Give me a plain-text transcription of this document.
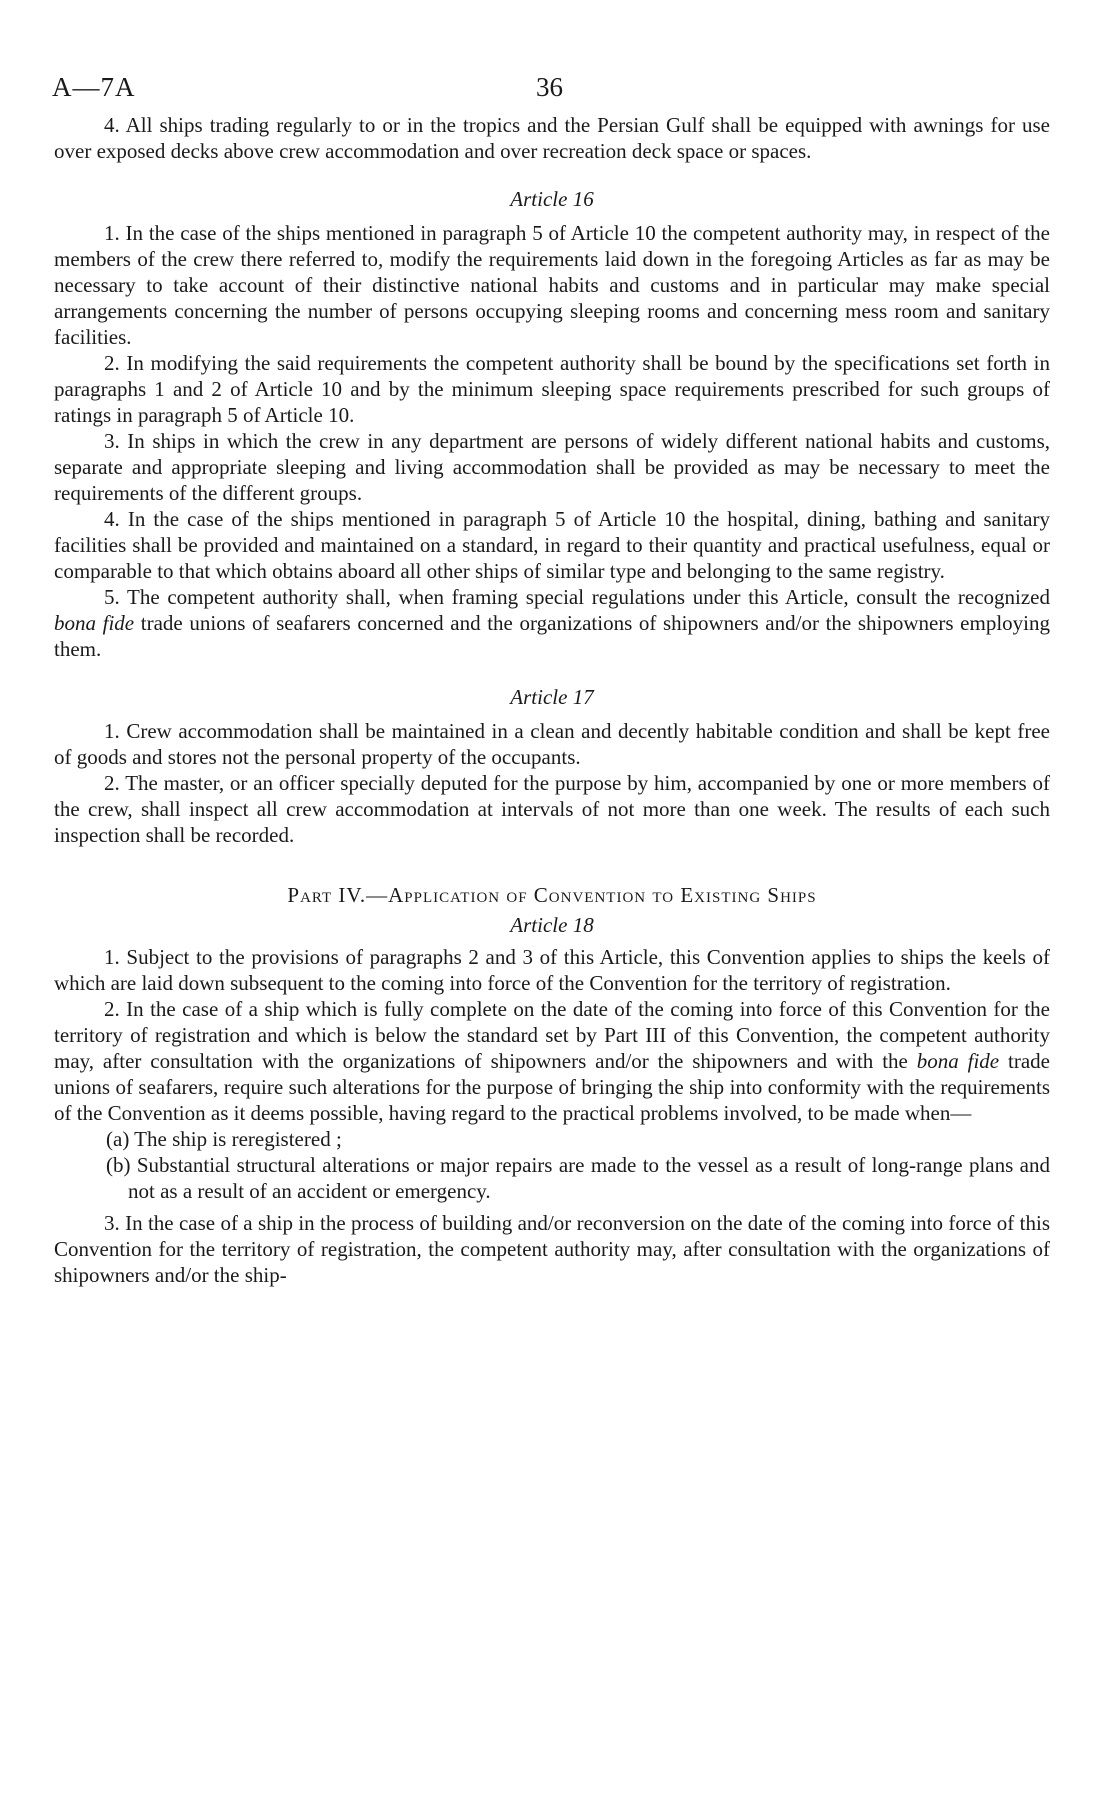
A—7A	36

4. All ships trading regularly to or in the tropics and the Persian Gulf shall be equipped with awnings for use over exposed decks above crew accommodation and over recreation deck space or spaces.

Article 16

1. In the case of the ships mentioned in paragraph 5 of Article 10 the competent authority may, in respect of the members of the crew there referred to, modify the requirements laid down in the foregoing Articles as far as may be necessary to take account of their distinctive national habits and customs and in particular may make special arrangements concerning the number of persons occupying sleeping rooms and concerning mess room and sanitary facilities.

2. In modifying the said requirements the competent authority shall be bound by the specifications set forth in paragraphs 1 and 2 of Article 10 and by the minimum sleeping space requirements prescribed for such groups of ratings in paragraph 5 of Article 10.

3. In ships in which the crew in any department are persons of widely different national habits and customs, separate and appropriate sleeping and living accommodation shall be provided as may be necessary to meet the requirements of the different groups.

4. In the case of the ships mentioned in paragraph 5 of Article 10 the hospital, dining, bathing and sanitary facilities shall be provided and maintained on a standard, in regard to their quantity and practical usefulness, equal or comparable to that which obtains aboard all other ships of similar type and belonging to the same registry.

5. The competent authority shall, when framing special regulations under this Article, consult the recognized bona fide trade unions of seafarers concerned and the organizations of shipowners and/or the shipowners employing them.

Article 17

1. Crew accommodation shall be maintained in a clean and decently habitable condition and shall be kept free of goods and stores not the personal property of the occupants.

2. The master, or an officer specially deputed for the purpose by him, accompanied by one or more members of the crew, shall inspect all crew accommodation at intervals of not more than one week. The results of each such inspection shall be recorded.

Part IV.—Application of Convention to Existing Ships
Article 18

1. Subject to the provisions of paragraphs 2 and 3 of this Article, this Convention applies to ships the keels of which are laid down subsequent to the coming into force of the Convention for the territory of registration.

2. In the case of a ship which is fully complete on the date of the coming into force of this Convention for the territory of registration and which is below the standard set by Part III of this Convention, the competent authority may, after consultation with the organizations of shipowners and/or the shipowners and with the bona fide trade unions of seafarers, require such alterations for the purpose of bringing the ship into conformity with the requirements of the Convention as it deems possible, having regard to the practical problems involved, to be made when—

(a) The ship is reregistered ;

(b) Substantial structural alterations or major repairs are made to the vessel as a result of long-range plans and not as a result of an accident or emergency.

3. In the case of a ship in the process of building and/or reconversion on the date of the coming into force of this Convention for the territory of registration, the competent authority may, after consultation with the organizations of shipowners and/or the ship-
